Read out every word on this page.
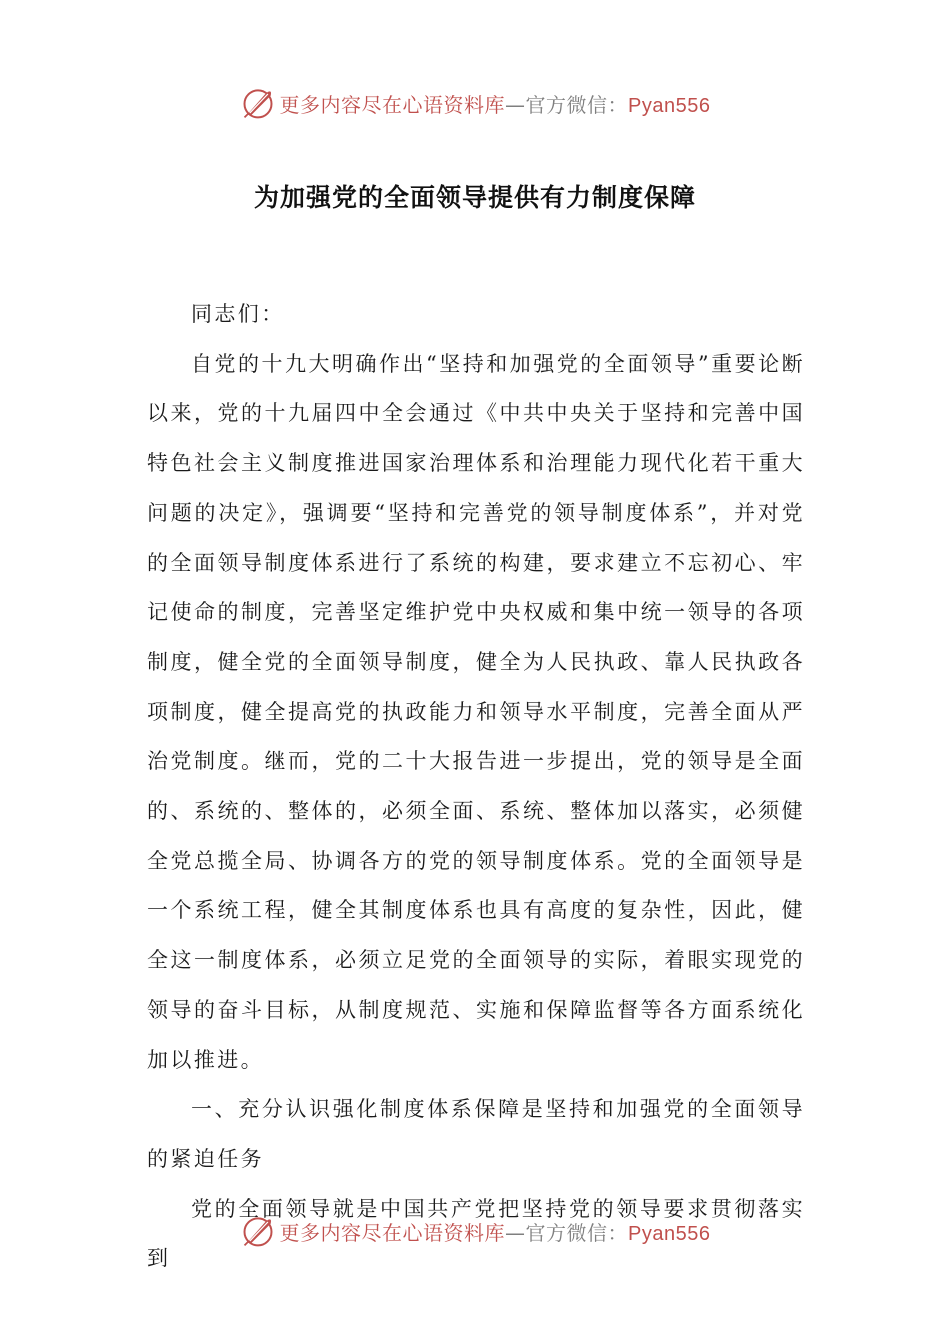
更多内容尽在心语资料库—官方微信：Pyan556
为加强党的全面领导提供有力制度保障

同志们：

自党的十九大明确作出“坚持和加强党的全面领导”重要论断以来，党的十九届四中全会通过《中共中央关于坚持和完善中国特色社会主义制度推进国家治理体系和治理能力现代化若干重大问题的决定》，强调要“坚持和完善党的领导制度体系”，并对党的全面领导制度体系进行了系统的构建，要求建立不忘初心、牢记使命的制度，完善坚定维护党中央权威和集中统一领导的各项制度，健全党的全面领导制度，健全为人民执政、靠人民执政各项制度，健全提高党的执政能力和领导水平制度，完善全面从严治党制度。继而，党的二十大报告进一步提出，党的领导是全面的、系统的、整体的，必须全面、系统、整体加以落实，必须健全党总揽全局、协调各方的党的领导制度体系。党的全面领导是一个系统工程，健全其制度体系也具有高度的复杂性，因此，健全这一制度体系，必须立足党的全面领导的实际，着眼实现党的领导的奋斗目标，从制度规范、实施和保障监督等各方面系统化加以推进。

一、充分认识强化制度体系保障是坚持和加强党的全面领导的紧迫任务

党的全面领导就是中国共产党把坚持党的领导要求贯彻落实到

更多内容尽在心语资料库—官方微信：Pyan556
